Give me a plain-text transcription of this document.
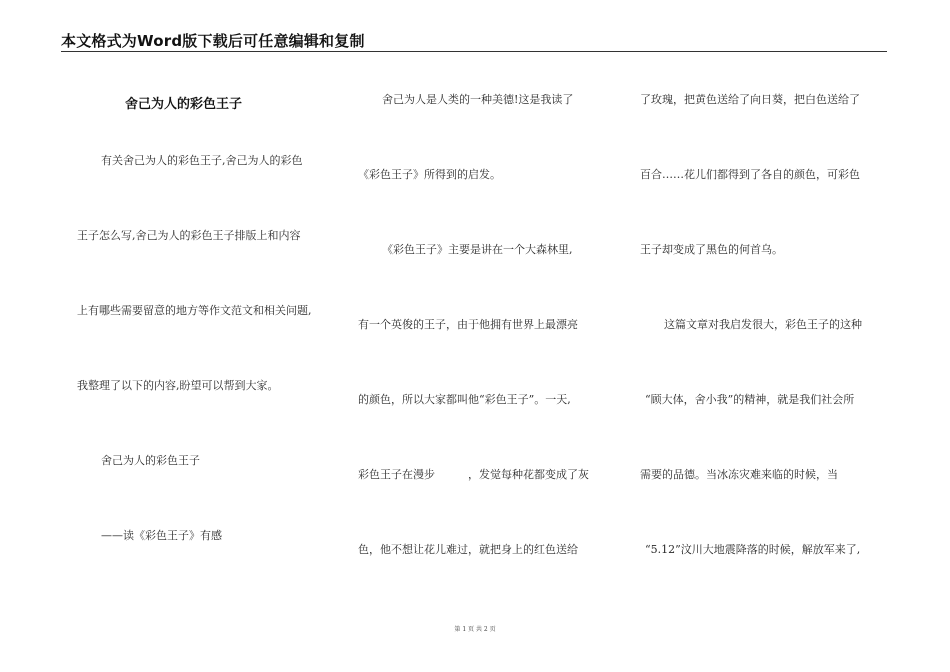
本文格式为Word版下载后可任意编辑和复制
舍己为人的彩色王子
有关舍己为人的彩色王子,舍己为人的彩色
王子怎么写,舍己为人的彩色王子排版上和内容
上有哪些需要留意的地方等作文范文和相关问题,
我整理了以下的内容,盼望可以帮到大家。
舍己为人的彩色王子
——读《彩色王子》有感
舍己为人是人类的一种美德!这是我读了
《彩色王子》所得到的启发。
《彩色王子》主要是讲在一个大森林里,
有一个英俊的王子，由于他拥有世界上最漂亮
的颜色，所以大家都叫他“彩色王子”。一天,
彩色王子在漫步　　　，发觉每种花都变成了灰
色，他不想让花儿难过，就把身上的红色送给
了玫瑰，把黄色送给了向日葵，把白色送给了
百合……花儿们都得到了各自的颜色，可彩色
王子却变成了黑色的何首乌。
这篇文章对我启发很大，彩色王子的这种
“顾大体，舍小我”的精神，就是我们社会所
需要的品德。当冰冻灾难来临的时候，当
“5.12”汶川大地震降落的时候，解放军来了,
第 1 页 共 2 页
